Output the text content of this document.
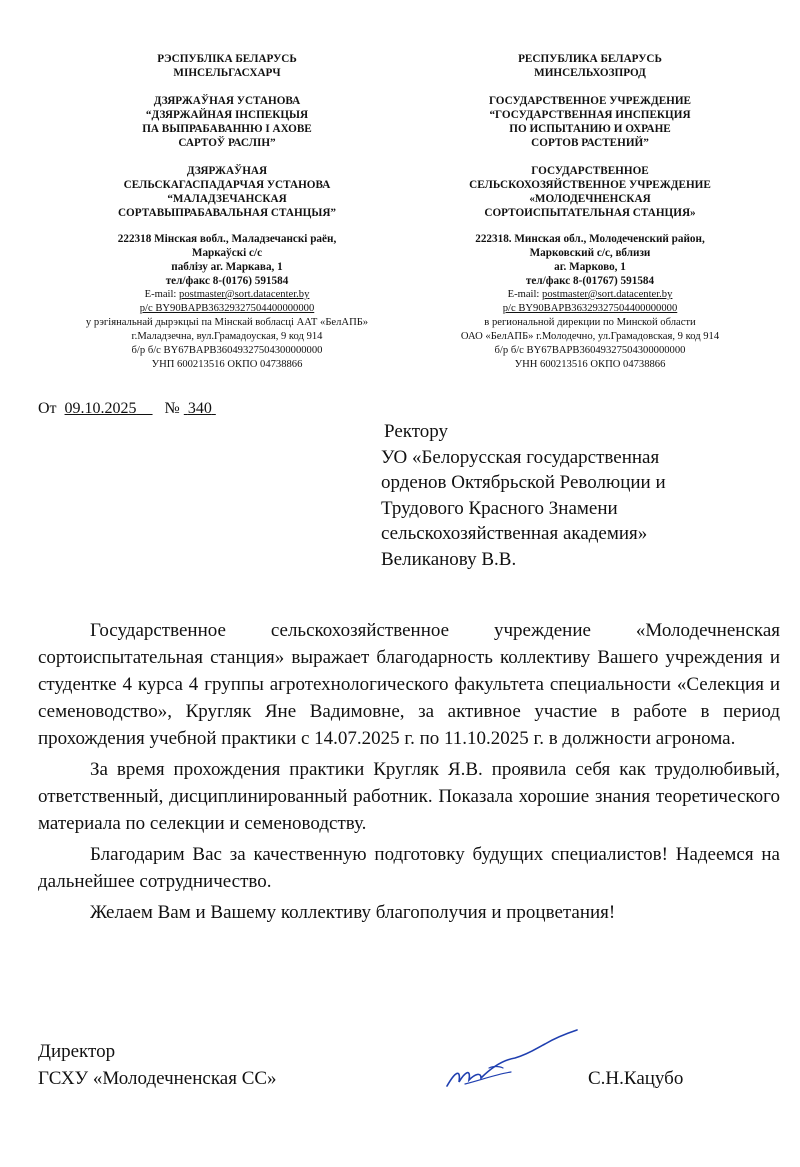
РЭСПУБЛІКА БЕЛАРУСЬ
МІНСЕЛЬГАСХАРЧ
ДЗЯРЖАЎНАЯ УСТАНОВА
“ДЗЯРЖАЙНАЯ ІНСПЕКЦЫЯ
ПА ВЫПРАБАВАННЮ І АХОВЕ
САРТОЎ РАСЛІН”
ДЗЯРЖАЎНАЯ
СЕЛЬСКАГАСПАДАРЧАЯ УСТАНОВА
“МАЛАДЗЕЧАНСКАЯ
СОРТАВЫПРАБАВАЛЬНАЯ СТАНЦЫЯ”
222318 Мінская вобл., Маладзечанскі раён,
Маркаўскі с/с
паблізу аг. Маркава, 1
тел/факс 8-(0176) 591584
E-mail: postmaster@sort.datacenter.by
р/с BY90BAPB36329327504400000000
у рэгіянальнай дырэкцыі па Мінскай вобласці ААТ «БелАПБ»
г.Маладзечна, вул.Грамадоуская, 9 код 914
б/р б/с BY67BAPB36049327504300000000
УНП 600213516 ОКПО 04738866
РЕСПУБЛИКА БЕЛАРУСЬ
МИНСЕЛЬХОЗПРОД
ГОСУДАРСТВЕННОЕ УЧРЕЖДЕНИЕ
“ГОСУДАРСТВЕННАЯ ИНСПЕКЦИЯ
ПО ИСПЫТАНИЮ И ОХРАНЕ
СОРТОВ РАСТЕНИЙ”
ГОСУДАРСТВЕННОЕ
СЕЛЬСКОХОЗЯЙСТВЕННОЕ УЧРЕЖДЕНИЕ
«МОЛОДЕЧНЕНСКАЯ
СОРТОИСПЫТАТЕЛЬНАЯ СТАНЦИЯ»
222318. Минская обл., Молодеченский район,
Марковский с/с, вблизи
аг. Марково, 1
тел/факс 8-(01767) 591584
E-mail: postmaster@sort.datacenter.by
р/с BY90BAPB36329327504400000000
в региональной дирекции по Минской области
ОАО «БелАПБ» г.Молодечно, ул.Грамадовская, 9 код 914
б/р б/с BY67BAPB36049327504300000000
УНН 600213516 ОКПО 04738866
От 09.10.2025 № 340
Ректору
УО «Белорусская государственная
орденов Октябрьской Революции и
Трудового Красного Знамени
сельскохозяйственная академия»
Великанову В.В.

Государственное сельскохозяйственное учреждение «Молодечненская сортоиспытательная станция» выражает благодарность коллективу Вашего учреждения и студентке 4 курса 4 группы агротехнологического факультета специальности «Селекция и семеноводство», Кругляк Яне Вадимовне, за активное участие в работе в период прохождения учебной практики с 14.07.2025 г. по 11.10.2025 г. в должности агронома.

За время прохождения практики Кругляк Я.В. проявила себя как трудолюбивый, ответственный, дисциплинированный работник. Показала хорошие знания теоретического материала по селекции и семеноводству.

Благодарим Вас за качественную подготовку будущих специалистов! Надеемся на дальнейшее сотрудничество.

Желаем Вам и Вашему коллективу благополучия и процветания!

Директор
ГСХУ «Молодечненская СС»	С.Н.Кацубо
